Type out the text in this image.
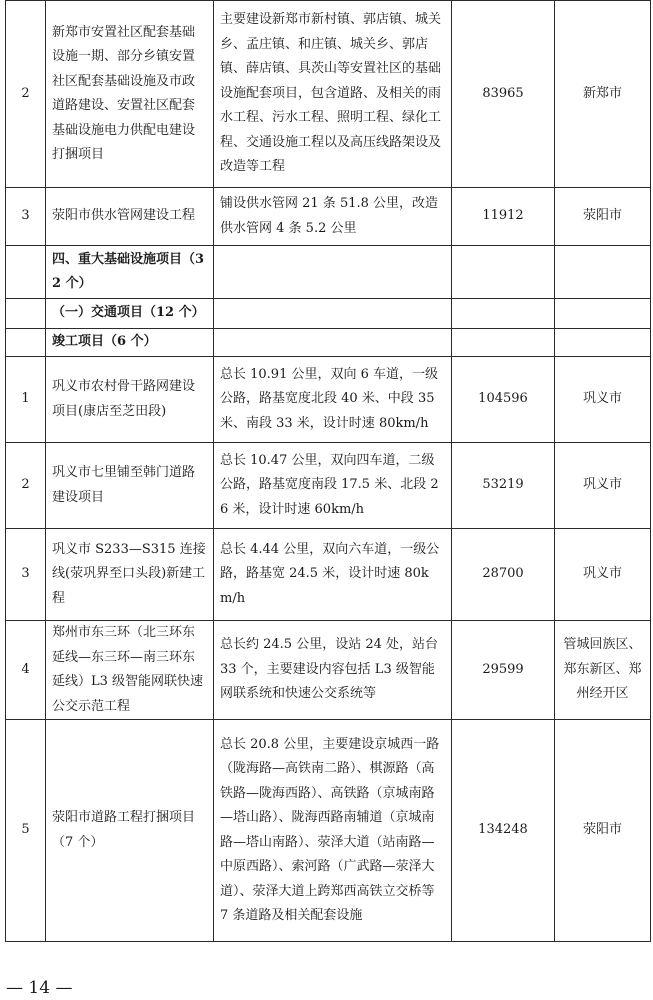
2	新郑市安置社区配套基础设施一期、部分乡镇安置社区配套基础设施及市政道路建设、安置社区配套基础设施电力供配电建设打捆项目	主要建设新郑市新村镇、郭店镇、城关乡、孟庄镇、和庄镇、城关乡、郭店镇、薛店镇、具茨山等安置社区的基础设施配套项目，包含道路、及相关的雨水工程、污水工程、照明工程、绿化工程、交通设施工程以及高压线路架设及改造等工程	83965	新郑市
3	荥阳市供水管网建设工程	铺设供水管网 21 条 51.8 公里，改造供水管网 4 条 5.2 公里	11912	荥阳市
	四、重大基础设施项目（32 个）			
	（一）交通项目（12 个）			
	竣工项目（6 个）			
1	巩义市农村骨干路网建设项目(康店至芝田段)	总长 10.91 公里，双向 6 车道，一级公路，路基宽度北段 40 米、中段 35 米、南段 33 米，设计时速 80km/h	104596	巩义市
2	巩义市七里铺至韩门道路建设项目	总长 10.47 公里，双向四车道，二级公路，路基宽度南段 17.5 米、北段 26 米，设计时速 60km/h	53219	巩义市
3	巩义市 S233—S315 连接线(荥巩界至口头段)新建工程	总长 4.44 公里，双向六车道，一级公路，路基宽 24.5 米，设计时速 80km/h	28700	巩义市
4	郑州市东三环（北三环东延线—东三环—南三环东延线）L3 级智能网联快速公交示范工程	总长约 24.5 公里，设站 24 处，站台 33 个，主要建设内容包括 L3 级智能网联系统和快速公交系统等	29599	管城回族区、郑东新区、郑州经开区
5	荥阳市道路工程打捆项目（7 个）	总长 20.8 公里，主要建设京城西一路（陇海路—高铁南二路）、棋源路（高铁路—陇海西路）、高铁路（京城南路—塔山路）、陇海西路南辅道（京城南路—塔山南路）、荥泽大道（站南路—中原西路）、索河路（广武路—荥泽大道）、荥泽大道上跨郑西高铁立交桥等 7 条道路及相关配套设施	134248	荥阳市
— 14 —
